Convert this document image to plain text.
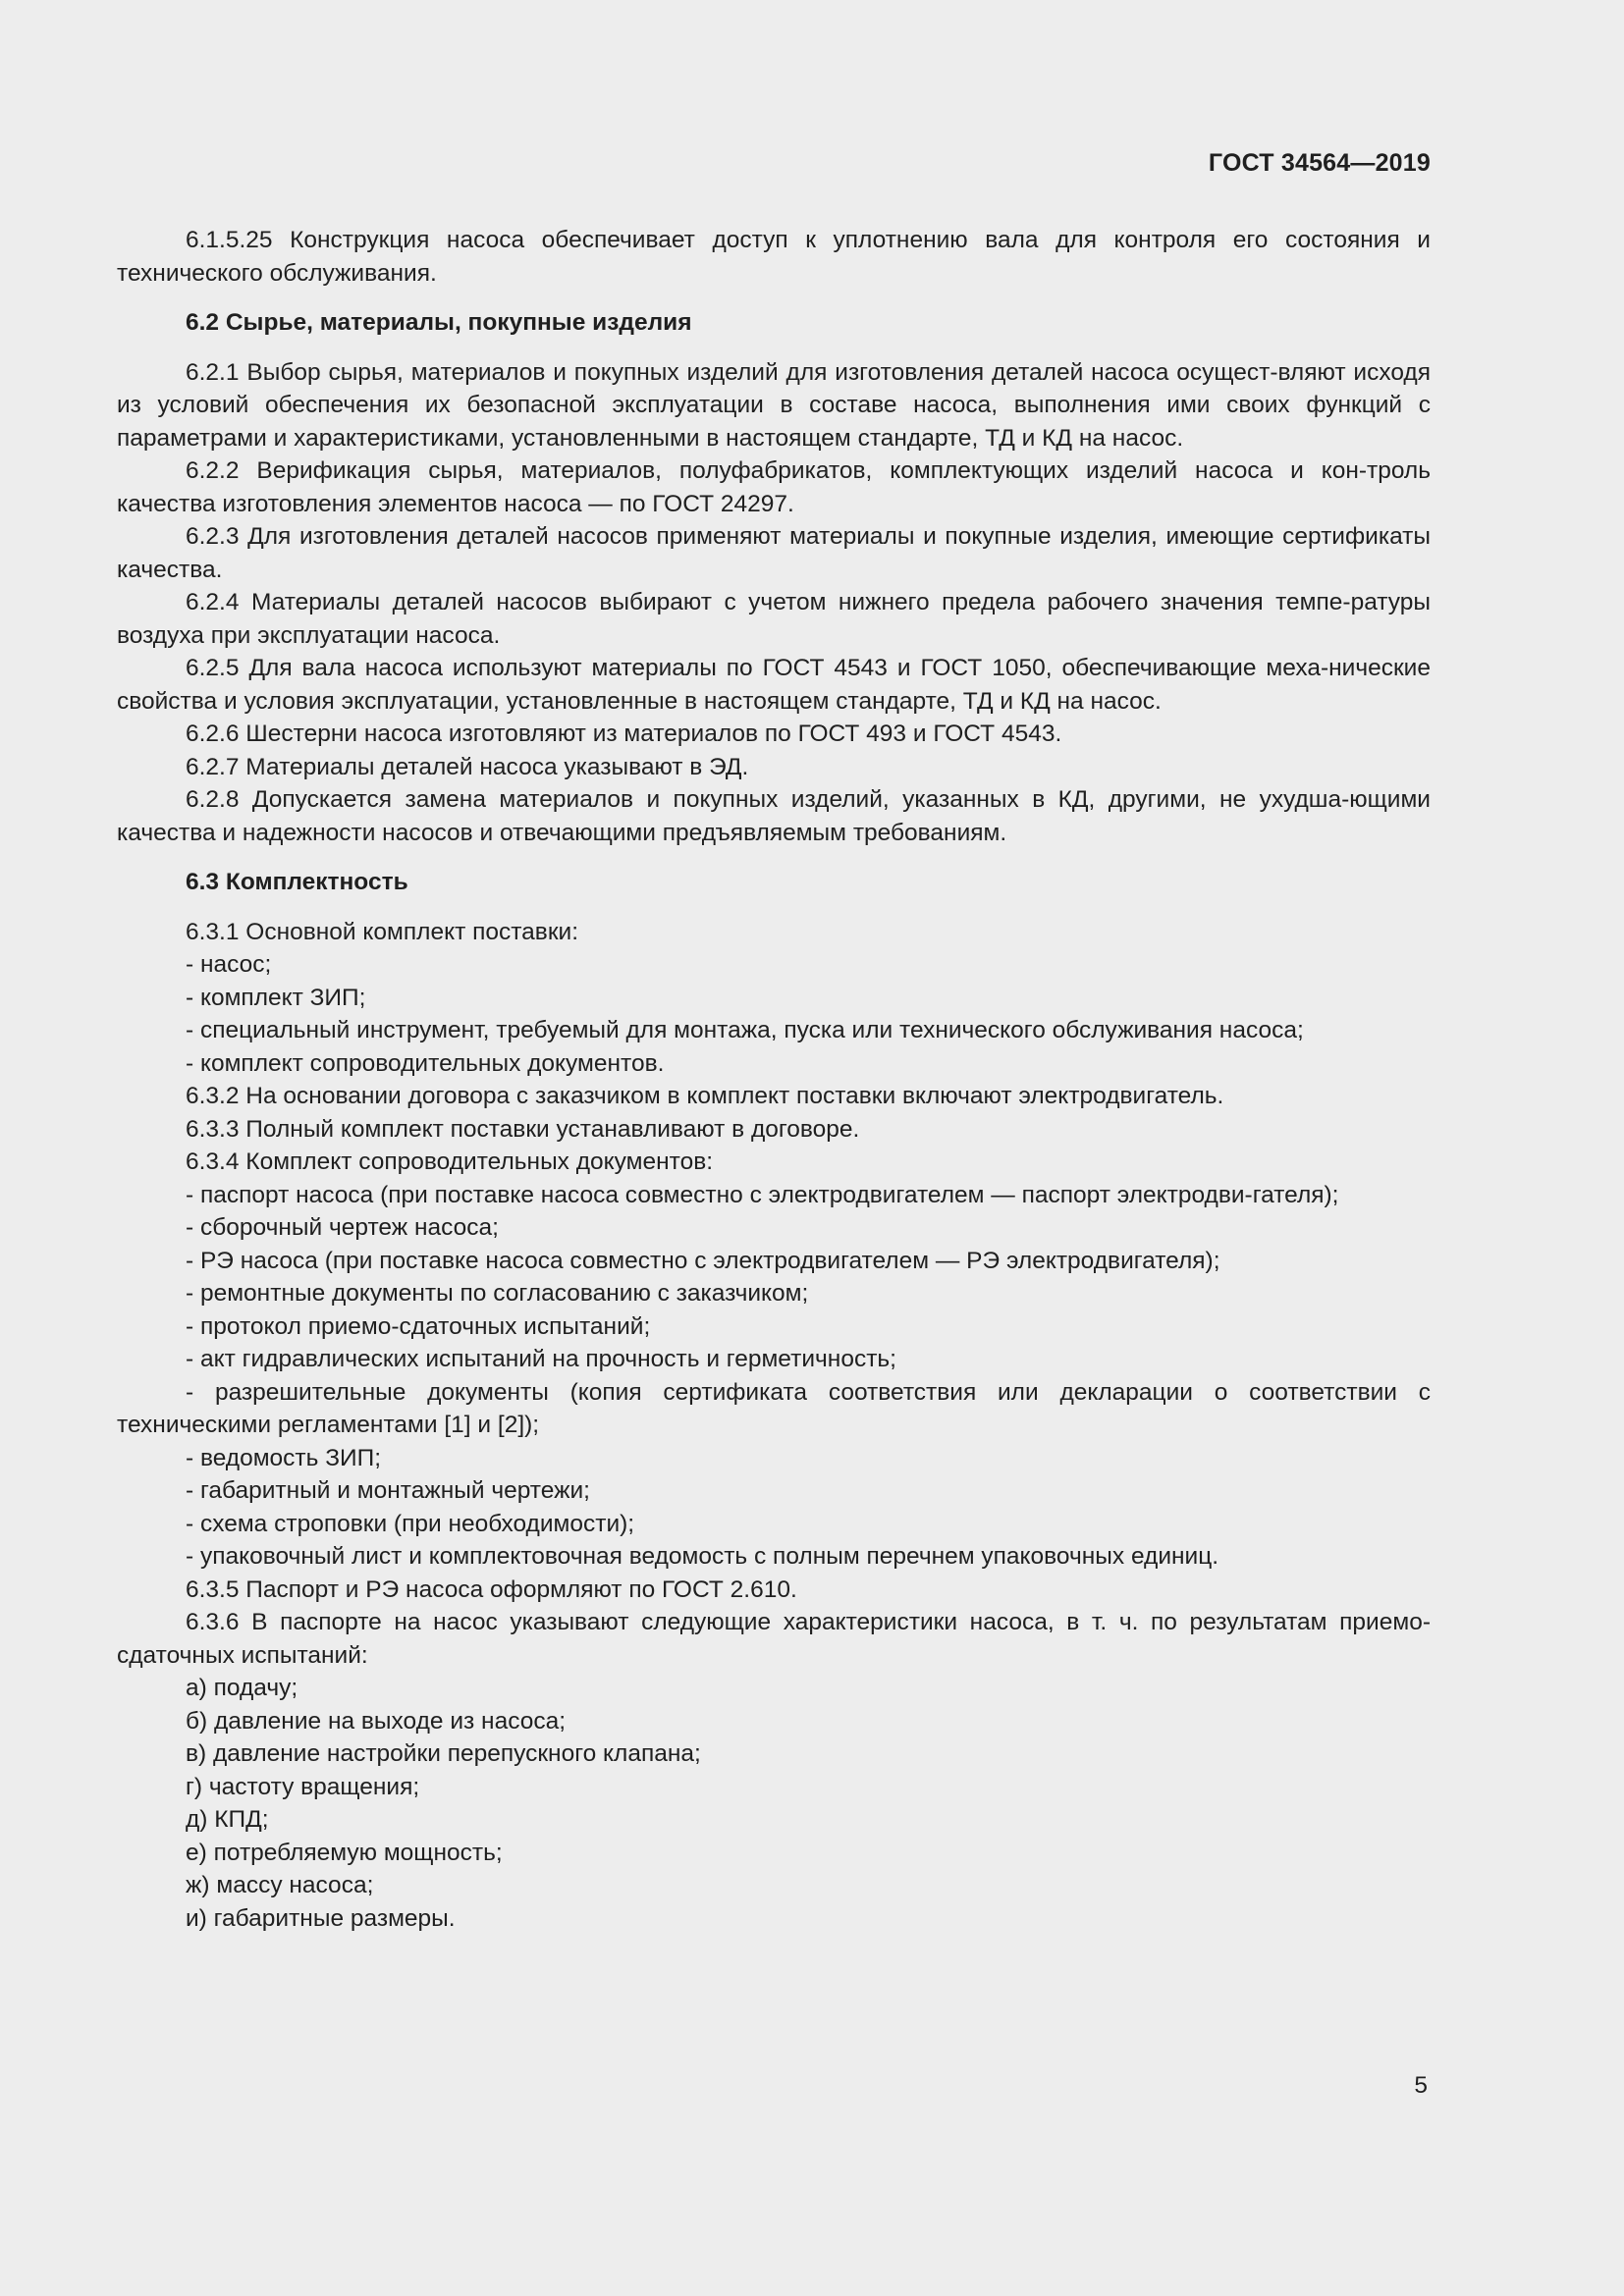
ГОСТ 34564—2019

6.1.5.25 Конструкция насоса обеспечивает доступ к уплотнению вала для контроля его состояния и технического обслуживания.

6.2 Сырье, материалы, покупные изделия

6.2.1 Выбор сырья, материалов и покупных изделий для изготовления деталей насоса осущест-вляют исходя из условий обеспечения их безопасной эксплуатации в составе насоса, выполнения ими своих функций с параметрами и характеристиками, установленными в настоящем стандарте, ТД и КД на насос.

6.2.2 Верификация сырья, материалов, полуфабрикатов, комплектующих изделий насоса и кон-троль качества изготовления элементов насоса — по ГОСТ 24297.

6.2.3 Для изготовления деталей насосов применяют материалы и покупные изделия, имеющие сертификаты качества.

6.2.4 Материалы деталей насосов выбирают с учетом нижнего предела рабочего значения темпе-ратуры воздуха при эксплуатации насоса.

6.2.5 Для вала насоса используют материалы по ГОСТ 4543 и ГОСТ 1050, обеспечивающие меха-нические свойства и условия эксплуатации, установленные в настоящем стандарте, ТД и КД на насос.

6.2.6 Шестерни насоса изготовляют из материалов по ГОСТ 493 и ГОСТ 4543.

6.2.7 Материалы деталей насоса указывают в ЭД.

6.2.8 Допускается замена материалов и покупных изделий, указанных в КД, другими, не ухудша-ющими качества и надежности насосов и отвечающими предъявляемым требованиям.

6.3 Комплектность

6.3.1 Основной комплект поставки:

- насос;

- комплект ЗИП;

- специальный инструмент, требуемый для монтажа, пуска или технического обслуживания насоса;

- комплект сопроводительных документов.

6.3.2 На основании договора с заказчиком в комплект поставки включают электродвигатель.

6.3.3 Полный комплект поставки устанавливают в договоре.

6.3.4 Комплект сопроводительных документов:

- паспорт насоса (при поставке насоса совместно с электродвигателем — паспорт электродви-гателя);

- сборочный чертеж насоса;

- РЭ насоса (при поставке насоса совместно с электродвигателем — РЭ электродвигателя);

- ремонтные документы по согласованию с заказчиком;

- протокол приемо-сдаточных испытаний;

- акт гидравлических испытаний на прочность и герметичность;

- разрешительные документы (копия сертификата соответствия или декларации о соответствии с техническими регламентами [1] и [2]);

- ведомость ЗИП;

- габаритный и монтажный чертежи;

- схема строповки (при необходимости);

- упаковочный лист и комплектовочная ведомость с полным перечнем упаковочных единиц.

6.3.5 Паспорт и РЭ насоса оформляют по ГОСТ 2.610.

6.3.6 В паспорте на насос указывают следующие характеристики насоса, в т. ч. по результатам приемо-сдаточных испытаний:

а) подачу;

б) давление на выходе из насоса;

в) давление настройки перепускного клапана;

г) частоту вращения;

д) КПД;

е) потребляемую мощность;

ж) массу насоса;

и) габаритные размеры.

5
